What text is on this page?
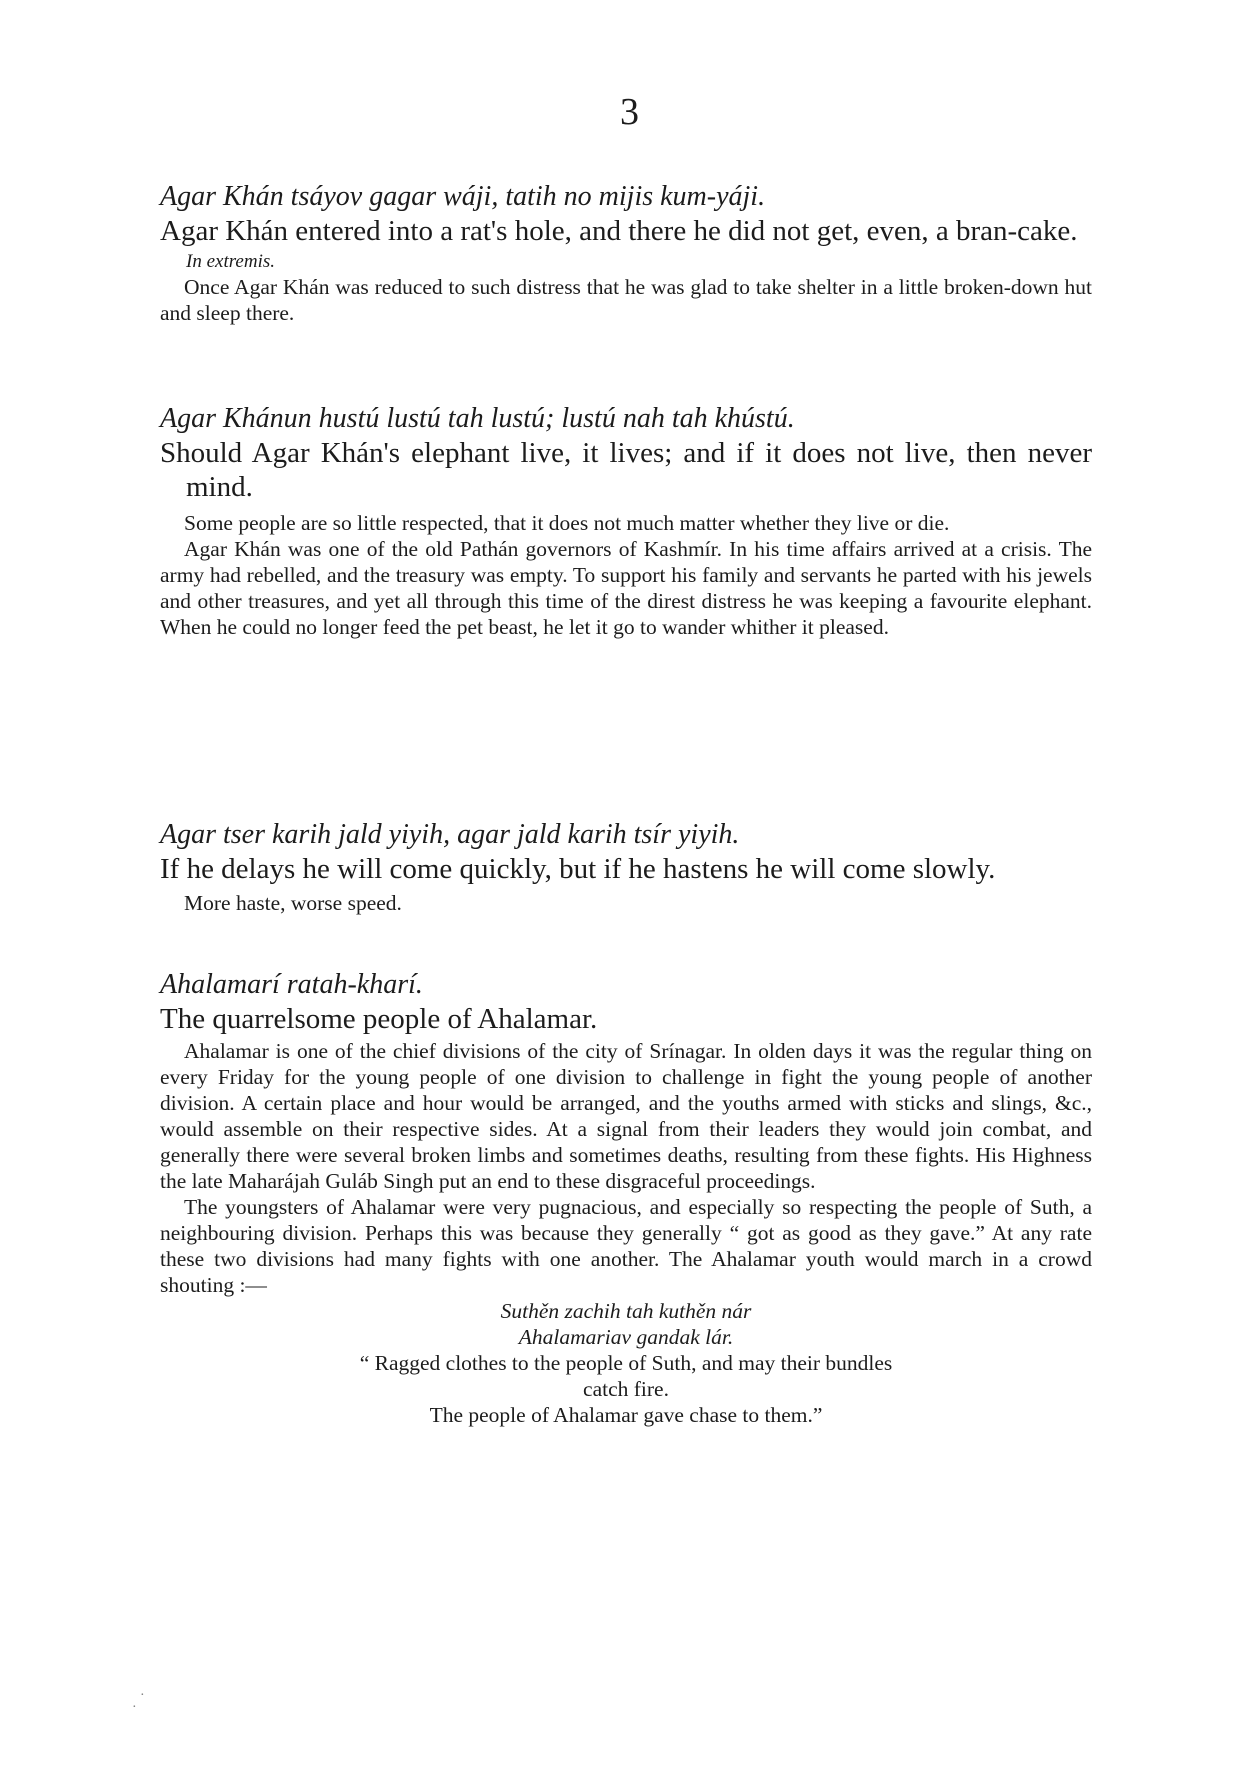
3

Agar Khán tsáyov gagar wáji, tatih no mijis kum-yáji.

Agar Khán entered into a rat's hole, and there he did not get, even, a bran-cake.

In extremis.

Once Agar Khán was reduced to such distress that he was glad to take shelter in a little broken-down hut and sleep there.

Agar Khánun hustú lustú tah lustú; lustú nah tah khústú.

Should Agar Khán's elephant live, it lives; and if it does not live, then never mind.

Some people are so little respected, that it does not much matter whether they live or die.

Agar Khán was one of the old Pathán governors of Kashmír. In his time affairs arrived at a crisis. The army had rebelled, and the treasury was empty. To support his family and servants he parted with his jewels and other treasures, and yet all through this time of the direst distress he was keeping a favourite elephant. When he could no longer feed the pet beast, he let it go to wander whither it pleased.

Agar tser karih jald yiyih, agar jald karih tsír yiyih.

If he delays he will come quickly, but if he hastens he will come slowly.

More haste, worse speed.

Ahalamarí ratah-kharí.

The quarrelsome people of Ahalamar.

Ahalamar is one of the chief divisions of the city of Srínagar. In olden days it was the regular thing on every Friday for the young people of one division to challenge in fight the young people of another division. A certain place and hour would be arranged, and the youths armed with sticks and slings, &c., would assemble on their respective sides. At a signal from their leaders they would join combat, and generally there were several broken limbs and sometimes deaths, resulting from these fights. His Highness the late Maharájah Guláb Singh put an end to these disgraceful proceedings.

The youngsters of Ahalamar were very pugnacious, and especially so respecting the people of Suth, a neighbouring division. Perhaps this was because they generally “ got as good as they gave.” At any rate these two divisions had many fights with one another. The Ahalamar youth would march in a crowd shouting :—

Suthěn zachih tah kuthěn nár

Ahalamariav gandak lár.

“ Ragged clothes to the people of Suth, and may their bundles

catch fire.

The people of Ahalamar gave chase to them.”

·
·
